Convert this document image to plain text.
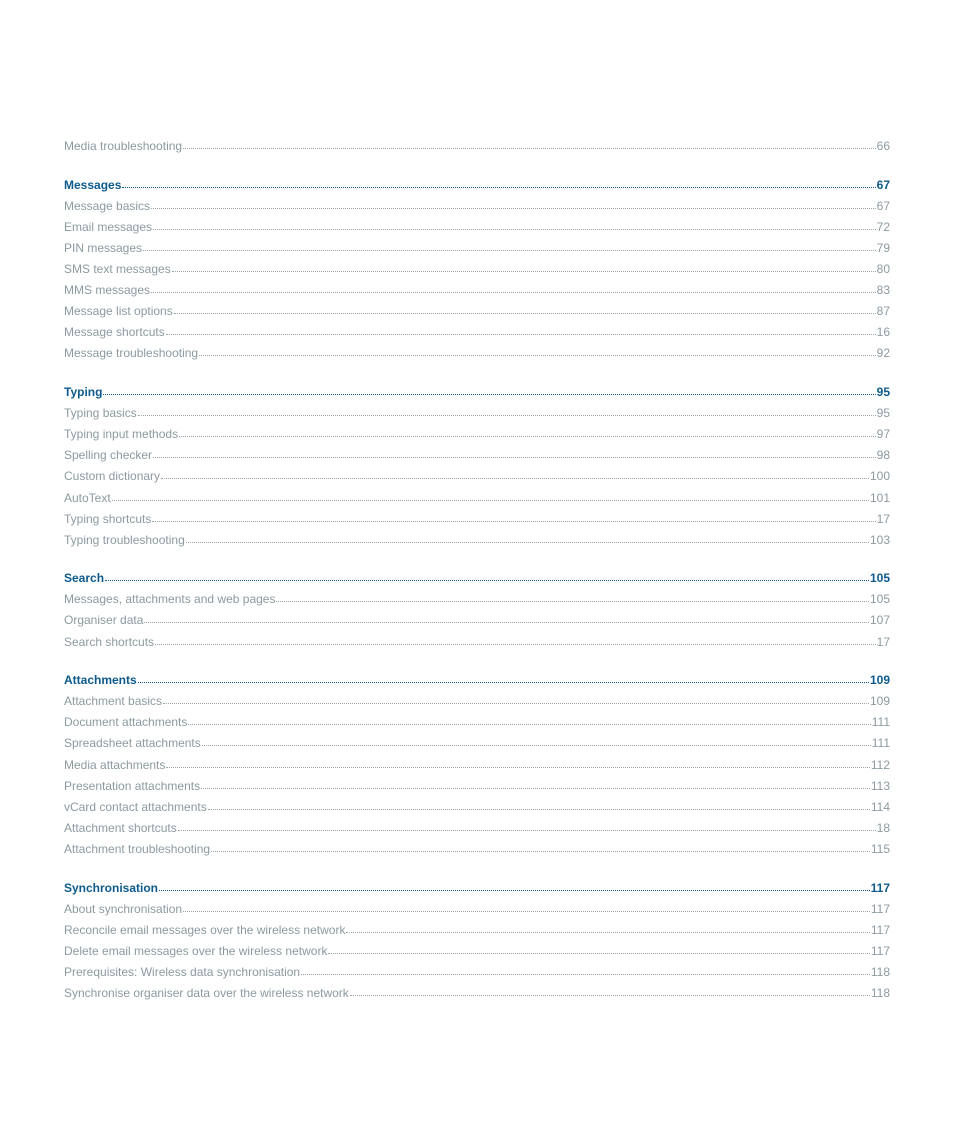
Media troubleshooting	66
Messages	67
Message basics	67
Email messages	72
PIN messages	79
SMS text messages	80
MMS messages	83
Message list options	87
Message shortcuts	16
Message troubleshooting	92
Typing	95
Typing basics	95
Typing input methods	97
Spelling checker	98
Custom dictionary	100
AutoText	101
Typing shortcuts	17
Typing troubleshooting	103
Search	105
Messages, attachments and web pages	105
Organiser data	107
Search shortcuts	17
Attachments	109
Attachment basics	109
Document attachments	111
Spreadsheet attachments	111
Media attachments	112
Presentation attachments	113
vCard contact attachments	114
Attachment shortcuts	18
Attachment troubleshooting	115
Synchronisation	117
About synchronisation	117
Reconcile email messages over the wireless network	117
Delete email messages over the wireless network	117
Prerequisites: Wireless data synchronisation	118
Synchronise organiser data over the wireless network	118
